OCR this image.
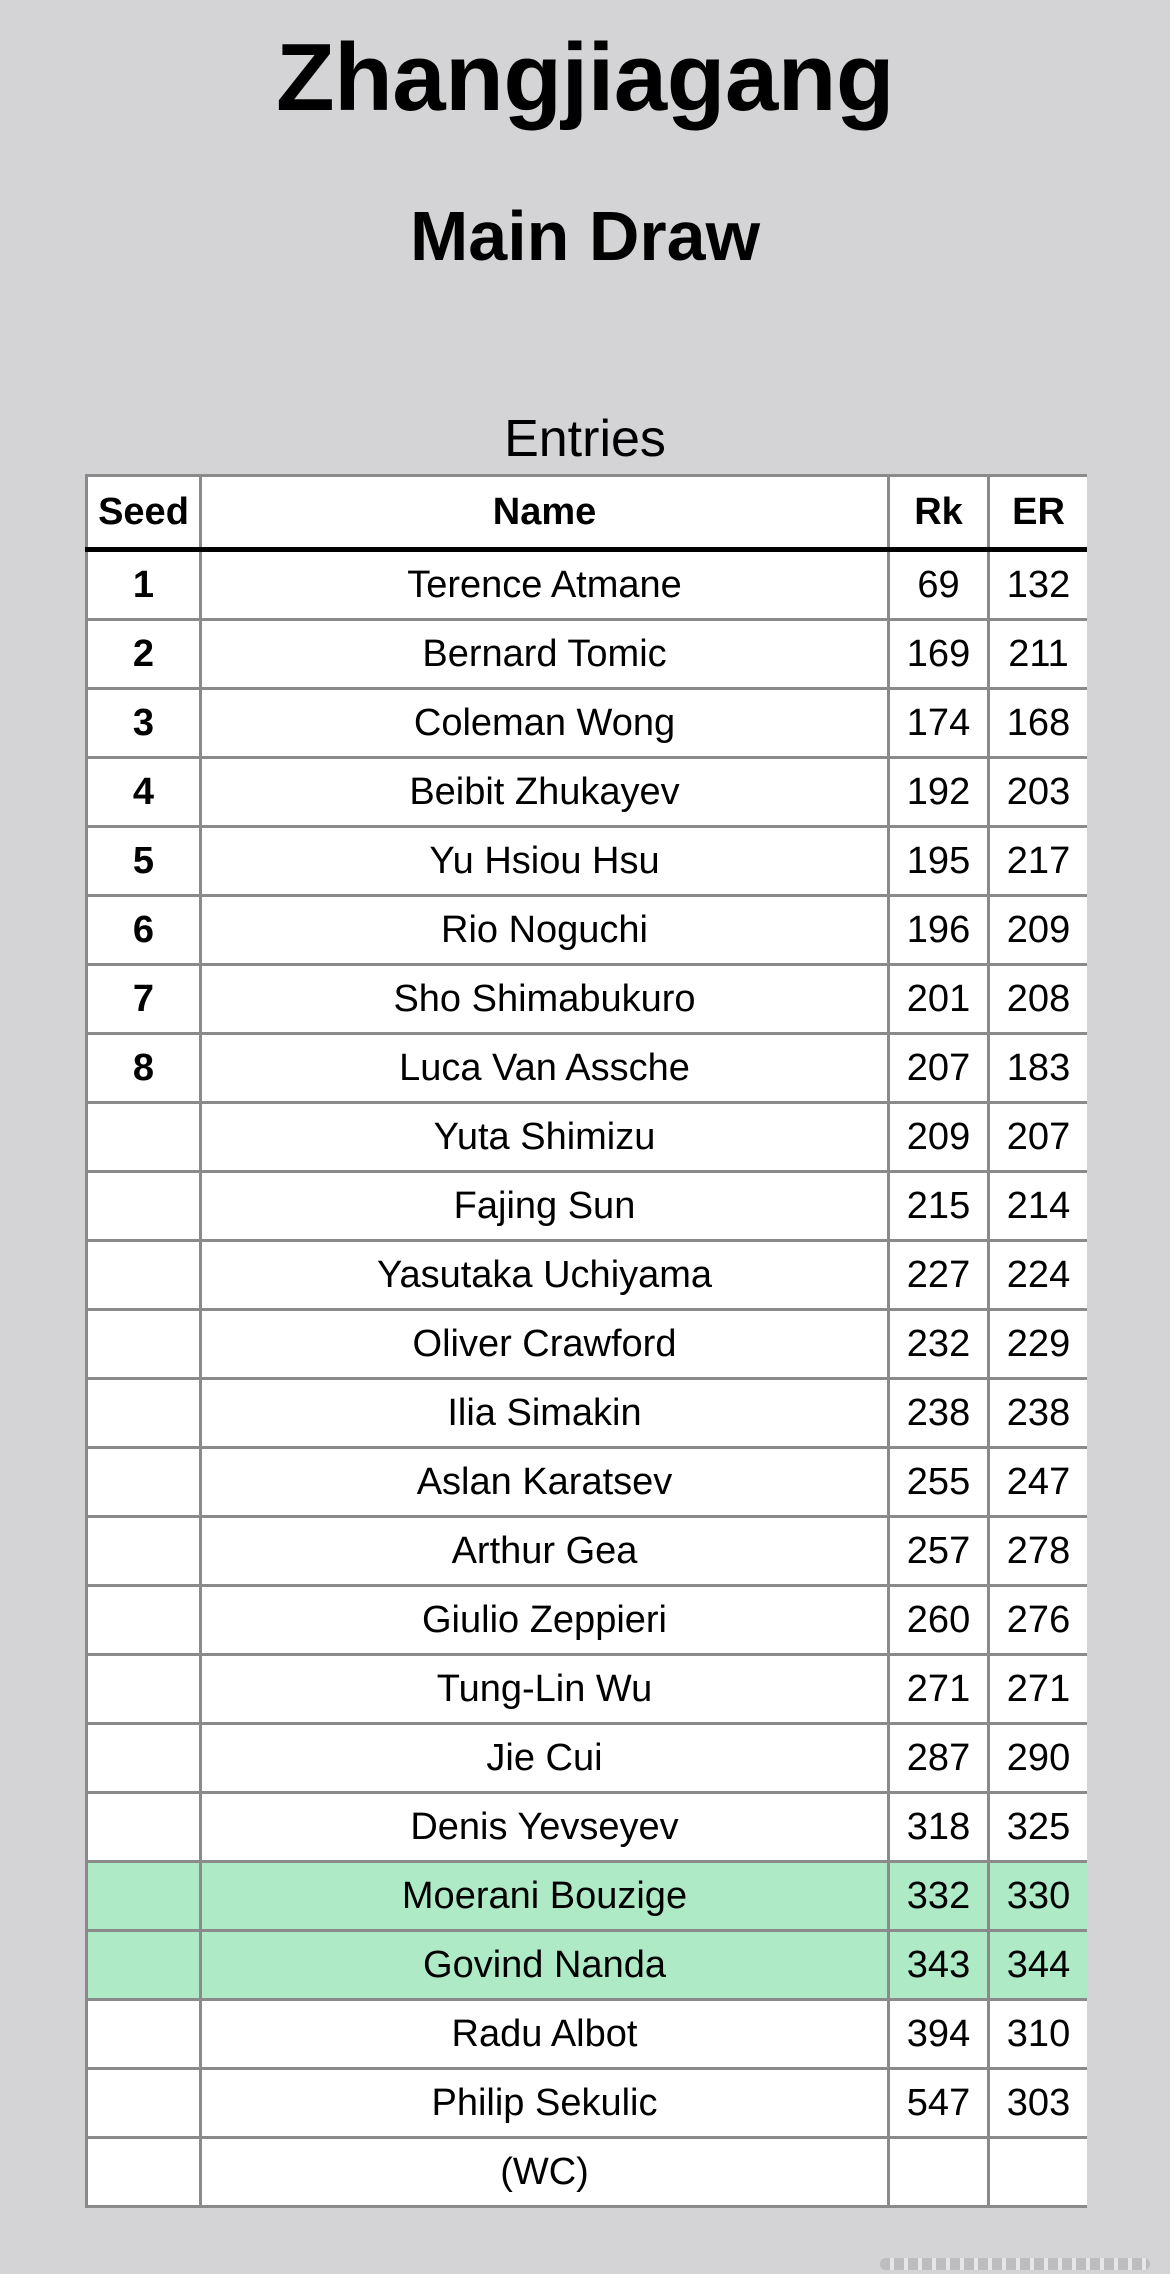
Zhangjiagang
Main Draw
Entries
Seed	Name	Rk	ER
1	Terence Atmane	69	132
2	Bernard Tomic	169	211
3	Coleman Wong	174	168
4	Beibit Zhukayev	192	203
5	Yu Hsiou Hsu	195	217
6	Rio Noguchi	196	209
7	Sho Shimabukuro	201	208
8	Luca Van Assche	207	183
	Yuta Shimizu	209	207
	Fajing Sun	215	214
	Yasutaka Uchiyama	227	224
	Oliver Crawford	232	229
	Ilia Simakin	238	238
	Aslan Karatsev	255	247
	Arthur Gea	257	278
	Giulio Zeppieri	260	276
	Tung-Lin Wu	271	271
	Jie Cui	287	290
	Denis Yevseyev	318	325
	Moerani Bouzige	332	330
	Govind Nanda	343	344
	Radu Albot	394	310
	Philip Sekulic	547	303
	(WC)		
